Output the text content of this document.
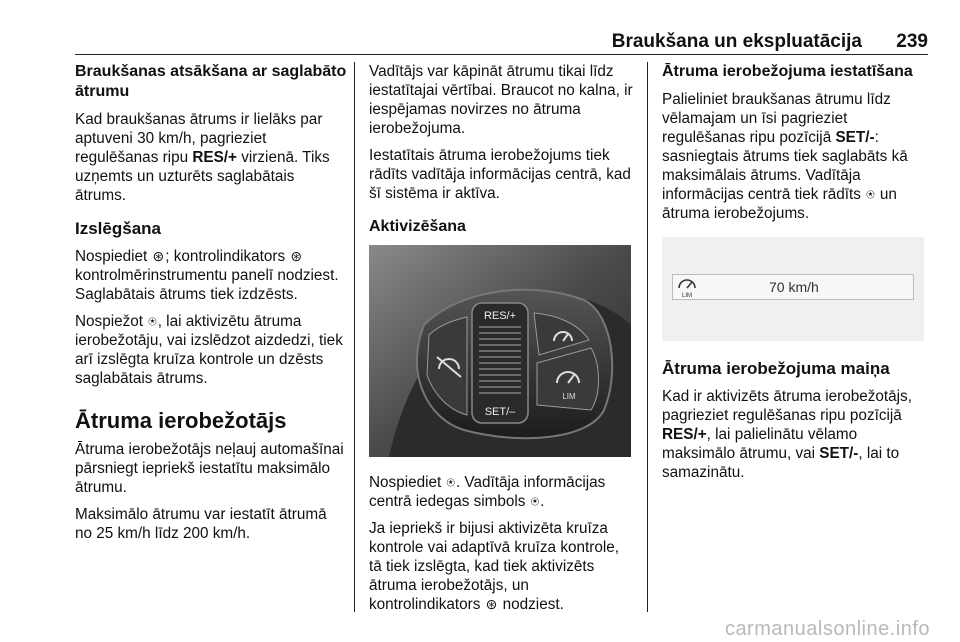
Braukšana un ekspluatācija	239
Braukšanas atsākšana ar saglabāto ātrumu

Kad braukšanas ātrums ir lielāks par aptuveni 30 km/h, pagrieziet regulēšanas ripu RES/+ virzienā. Tiks uzņemts un uzturēts saglabātais ātrums.

Izslēgšana

Nospiediet ⊛; kontrolindikators ⊛ kontrolmērinstrumentu panelī nodziest. Saglabātais ātrums tiek izdzēsts.

Nospiežot ⍟, lai aktivizētu ātruma ierobežotāju, vai izslēdzot aizdedzi, tiek arī izslēgta kruīza kontrole un dzēsts saglabātais ātrums.

Ātruma ierobežotājs

Ātruma ierobežotājs neļauj automašīnai pārsniegt iepriekš iestatītu maksimālo ātrumu.

Maksimālo ātrumu var iestatīt ātrumā no 25 km/h līdz 200 km/h.

Vadītājs var kāpināt ātrumu tikai līdz iestatītajai vērtībai. Braucot no kalna, ir iespējamas novirzes no ātruma ierobežojuma.

Iestatītais ātruma ierobežojums tiek rādīts vadītāja informācijas centrā, kad šī sistēma ir aktīva.

Aktivizēšana
RES/+
SET/–
LIM

Nospiediet ⍟. Vadītāja informācijas centrā iedegas simbols ⍟.

Ja iepriekš ir bijusi aktivizēta kruīza kontrole vai adaptīvā kruīza kontrole, tā tiek izslēgta, kad tiek aktivizēts ātruma ierobežotājs, un kontrolindikators ⊛ nodziest.

Ātruma ierobežojuma iestatīšana

Palieliniet braukšanas ātrumu līdz vēlamajam un īsi pagrieziet regulēšanas ripu pozīcijā SET/-: sasniegtais ātrums tiek saglabāts kā maksimālais ātrums. Vadītāja informācijas centrā tiek rādīts ⍟ un ātruma ierobežojums.

LIM
70 km/h
Ātruma ierobežojuma maiņa

Kad ir aktivizēts ātruma ierobežotājs, pagrieziet regulēšanas ripu pozīcijā RES/+, lai palielinātu vēlamo maksimālo ātrumu, vai SET/-, lai to samazinātu.

carmanualsonline.info
